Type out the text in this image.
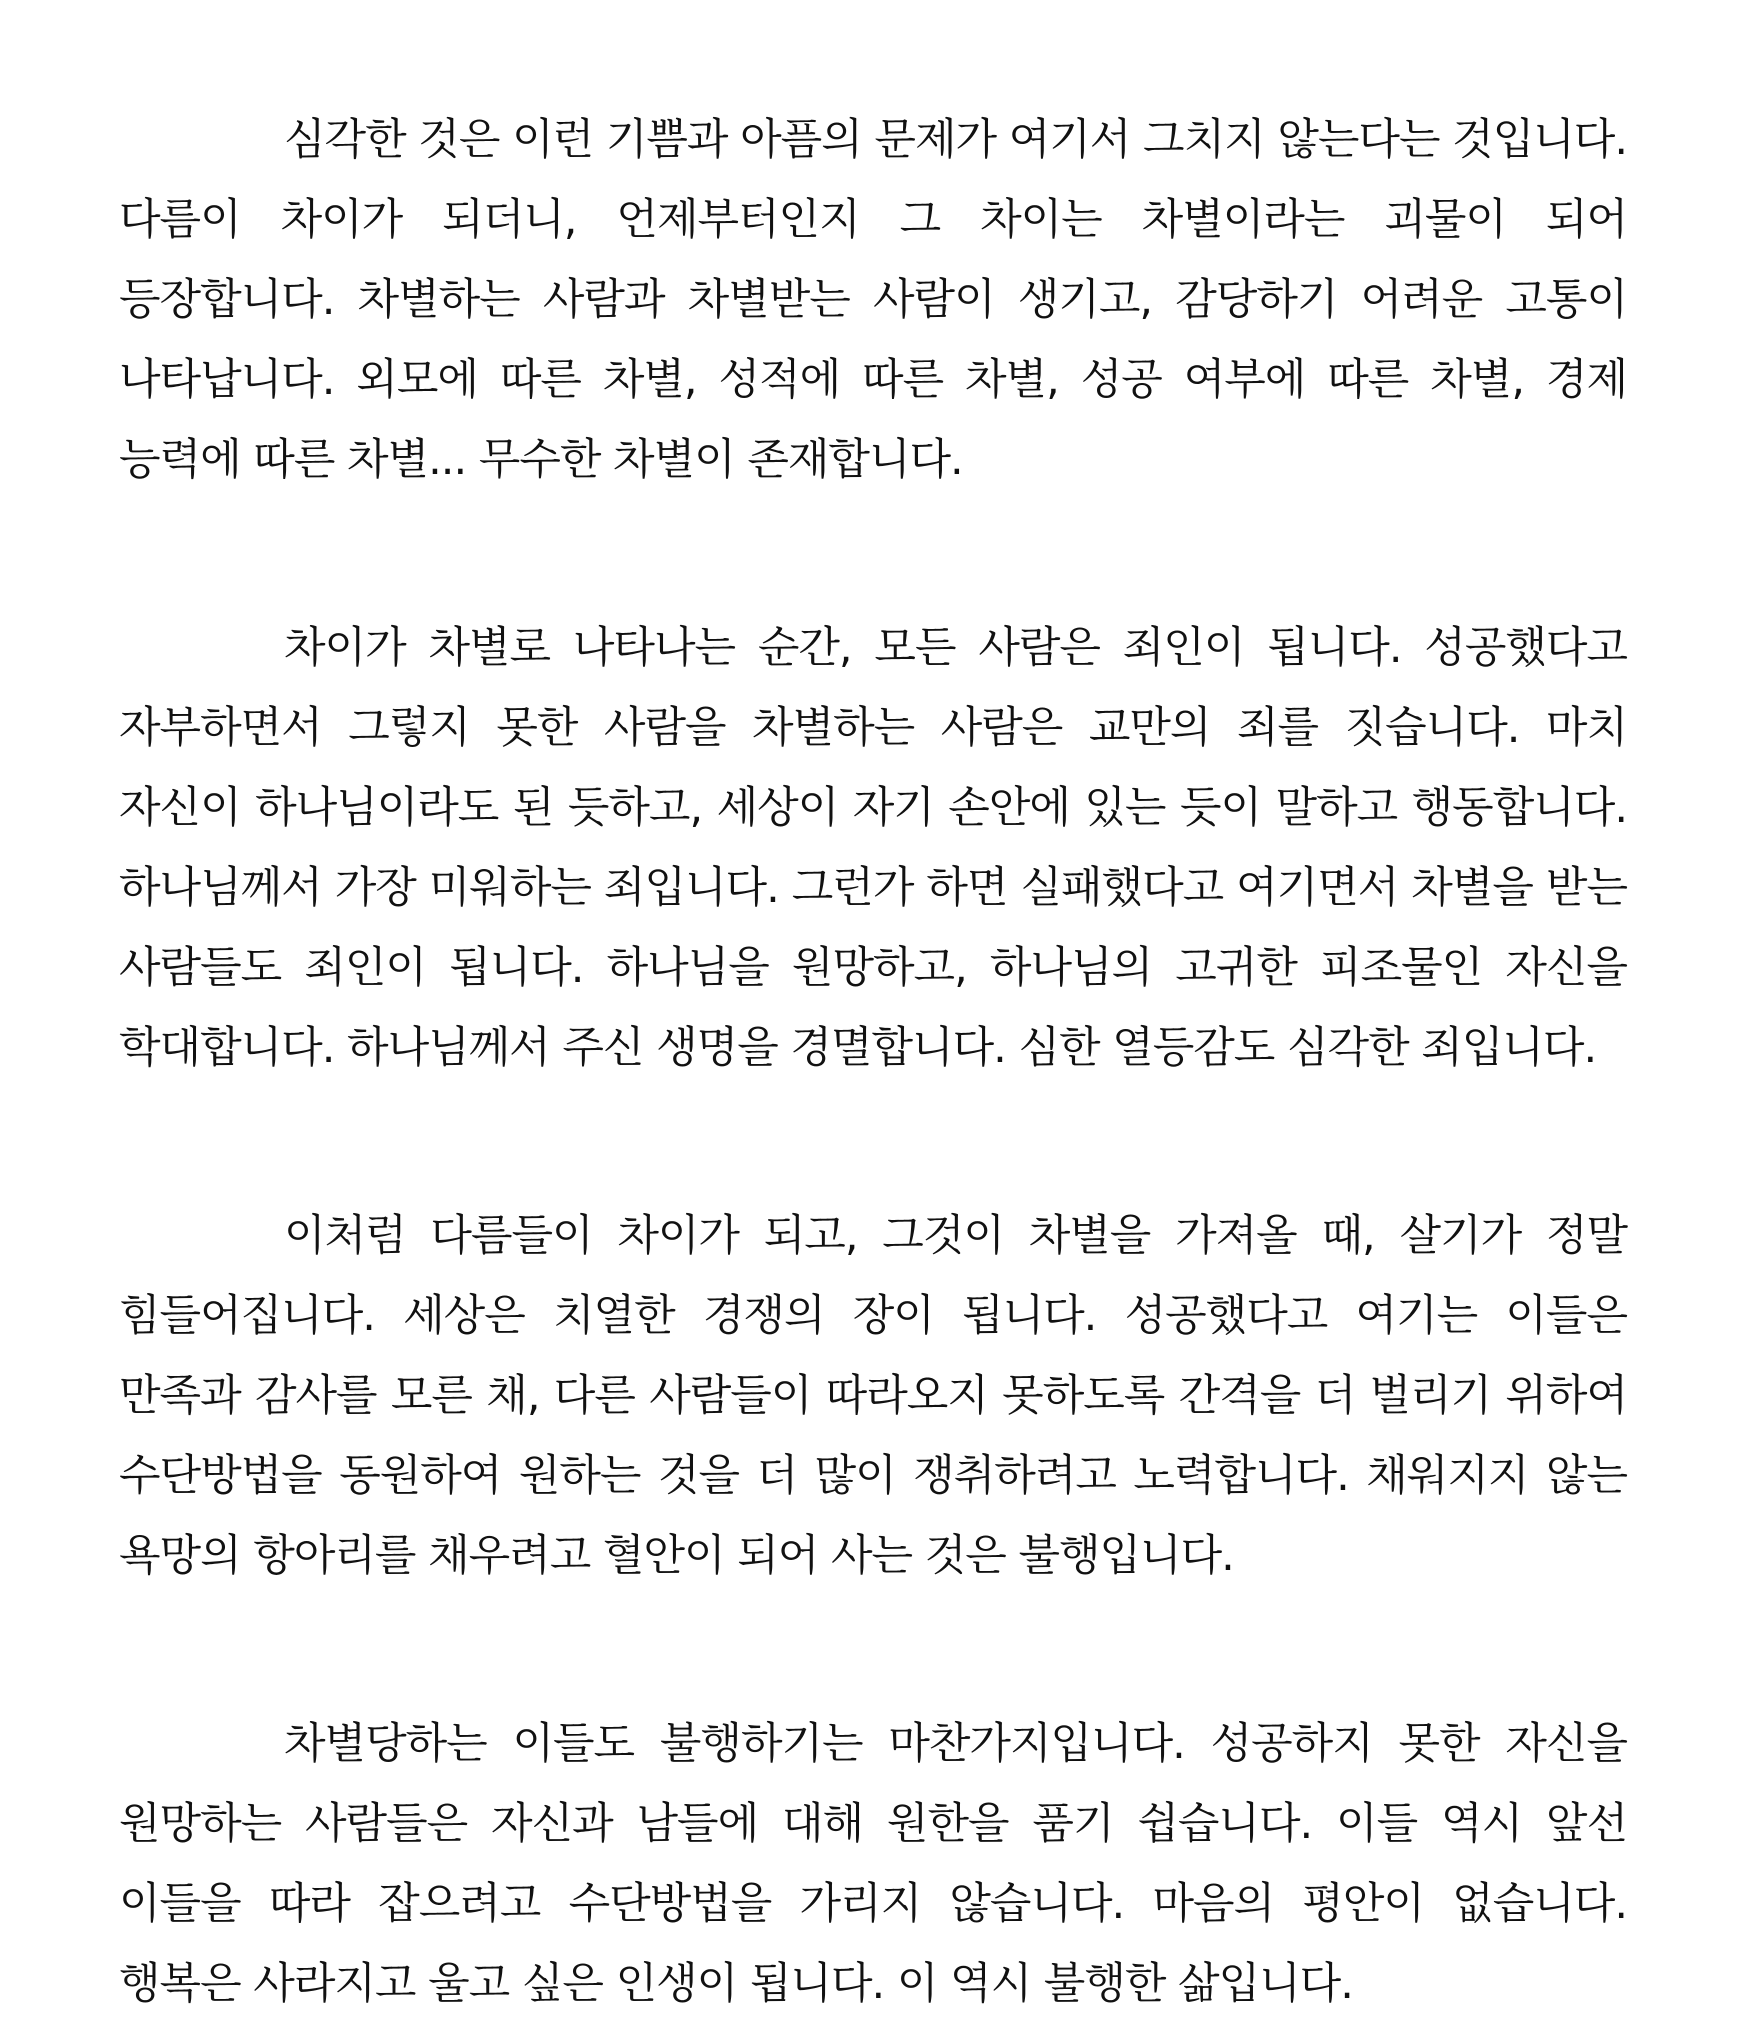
심각한 것은 이런 기쁨과 아픔의 문제가 여기서 그치지 않는다는 것입니다. 다름이 차이가 되더니, 언제부터인지 그 차이는 차별이라는 괴물이 되어 등장합니다. 차별하는 사람과 차별받는 사람이 생기고, 감당하기 어려운 고통이 나타납니다. 외모에 따른 차별, 성적에 따른 차별, 성공 여부에 따른 차별, 경제 능력에 따른 차별... 무수한 차별이 존재합니다.

차이가 차별로 나타나는 순간, 모든 사람은 죄인이 됩니다. 성공했다고 자부하면서 그렇지 못한 사람을 차별하는 사람은 교만의 죄를 짓습니다. 마치 자신이 하나님이라도 된 듯하고, 세상이 자기 손안에 있는 듯이 말하고 행동합니다. 하나님께서 가장 미워하는 죄입니다. 그런가 하면 실패했다고 여기면서 차별을 받는 사람들도 죄인이 됩니다. 하나님을 원망하고, 하나님의 고귀한 피조물인 자신을 학대합니다. 하나님께서 주신 생명을 경멸합니다. 심한 열등감도 심각한 죄입니다.

이처럼 다름들이 차이가 되고, 그것이 차별을 가져올 때, 살기가 정말 힘들어집니다. 세상은 치열한 경쟁의 장이 됩니다. 성공했다고 여기는 이들은 만족과 감사를 모른 채, 다른 사람들이 따라오지 못하도록 간격을 더 벌리기 위하여 수단방법을 동원하여 원하는 것을 더 많이 쟁취하려고 노력합니다. 채워지지 않는 욕망의 항아리를 채우려고 혈안이 되어 사는 것은 불행입니다.

차별당하는 이들도 불행하기는 마찬가지입니다. 성공하지 못한 자신을 원망하는 사람들은 자신과 남들에 대해 원한을 품기 쉽습니다. 이들 역시 앞선 이들을 따라 잡으려고 수단방법을 가리지 않습니다. 마음의 평안이 없습니다. 행복은 사라지고 울고 싶은 인생이 됩니다. 이 역시 불행한 삶입니다.
